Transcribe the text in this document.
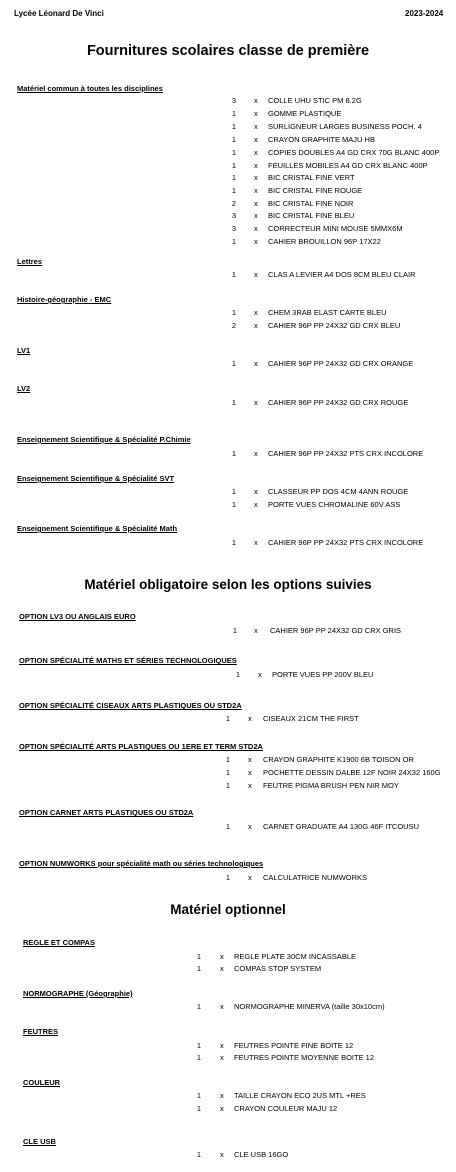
Lycée Léonard De Vinci	2023-2024
Fournitures scolaires classe de première
Matériel obligatoire selon les options suivies
Matériel optionnel
Matériel commun à toutes les disciplines
3	x COLLE UHU STIC PM 8.2G
1	x GOMME PLASTIQUE
1	x SURLIGNEUR LARGES BUSINESS POCH. 4
1	x CRAYON GRAPHITE MAJU HB
1	x COPIES DOUBLES A4 GD CRX 70G BLANC 400P
1	x FEUILLES MOBILES A4 GD CRX BLANC 400P
1	x BIC CRISTAL FINE VERT
1	x BIC CRISTAL FINE ROUGE
2	x BIC CRISTAL FINE NOIR
3	x BIC CRISTAL FINE BLEU
3	x CORRECTEUR MINI MOUSE 5MMX6M
1	x CAHIER BROUILLON 96P 17X22
Lettres
1	x CLAS A LEVIER A4 DOS 8CM BLEU CLAIR
Histoire-géographie - EMC
1	x CHEM 3RAB ELAST CARTE BLEU
2	x CAHIER 96P PP 24X32 GD CRX BLEU
LV1
1	x CAHIER 96P PP 24X32 GD CRX ORANGE
LV2
1	x CAHIER 96P PP 24X32 GD CRX ROUGE
Enseignement Scientifique & Spécialité P.Chimie
1	x CAHIER 96P PP 24X32 PTS CRX INCOLORE
Enseignement Scientifique & Spécialité SVT
1	x CLASSEUR PP DOS 4CM 4ANN ROUGE
1	x PORTE VUES CHROMALINE 60V ASS
Enseignement Scientifique & Spécialité Math
1	x CAHIER 96P PP 24X32 PTS CRX INCOLORE
OPTION LV3 OU ANGLAIS EURO
1	x CAHIER 96P PP 24X32 GD CRX GRIS
OPTION SPÉCIALITÉ MATHS ET SÉRIES TECHNOLOGIQUES
1	x PORTE VUES PP 200V BLEU
OPTION SPÉCIALITÉ CISEAUX ARTS PLASTIQUES OU STD2A
1	x CISEAUX 21CM THE FIRST
OPTION SPÉCIALITÉ ARTS PLASTIQUES OU 1ERE ET TERM STD2A
1	x CRAYON GRAPHITE K1900 6B TOISON OR
1	x POCHETTE DESSIN DALBE 12F NOIR 24X32 160G
1	x FEUTRE PIGMA BRUSH PEN NIR MOY
OPTION CARNET ARTS PLASTIQUES OU STD2A
1	x CARNET GRADUATE A4 130G 46F ITCOUSU
OPTION NUMWORKS pour spécialité math ou séries technologiques
1	x CALCULATRICE NUMWORKS
REGLE ET COMPAS
1	x REGLE PLATE 30CM INCASSABLE
1	x COMPAS STOP SYSTEM
NORMOGRAPHE (Géographie)
1	x NORMOGRAPHE MINERVA (taille 30x10cm)
FEUTRES
1	x FEUTRES POINTE FINE BOITE 12
1	x FEUTRES POINTE MOYENNE BOITE 12
COULEUR
1	x TAILLE CRAYON ECO 2US MTL +RES
1	x CRAYON COULEUR MAJU 12
CLE USB
1	x CLE USB 16GO
